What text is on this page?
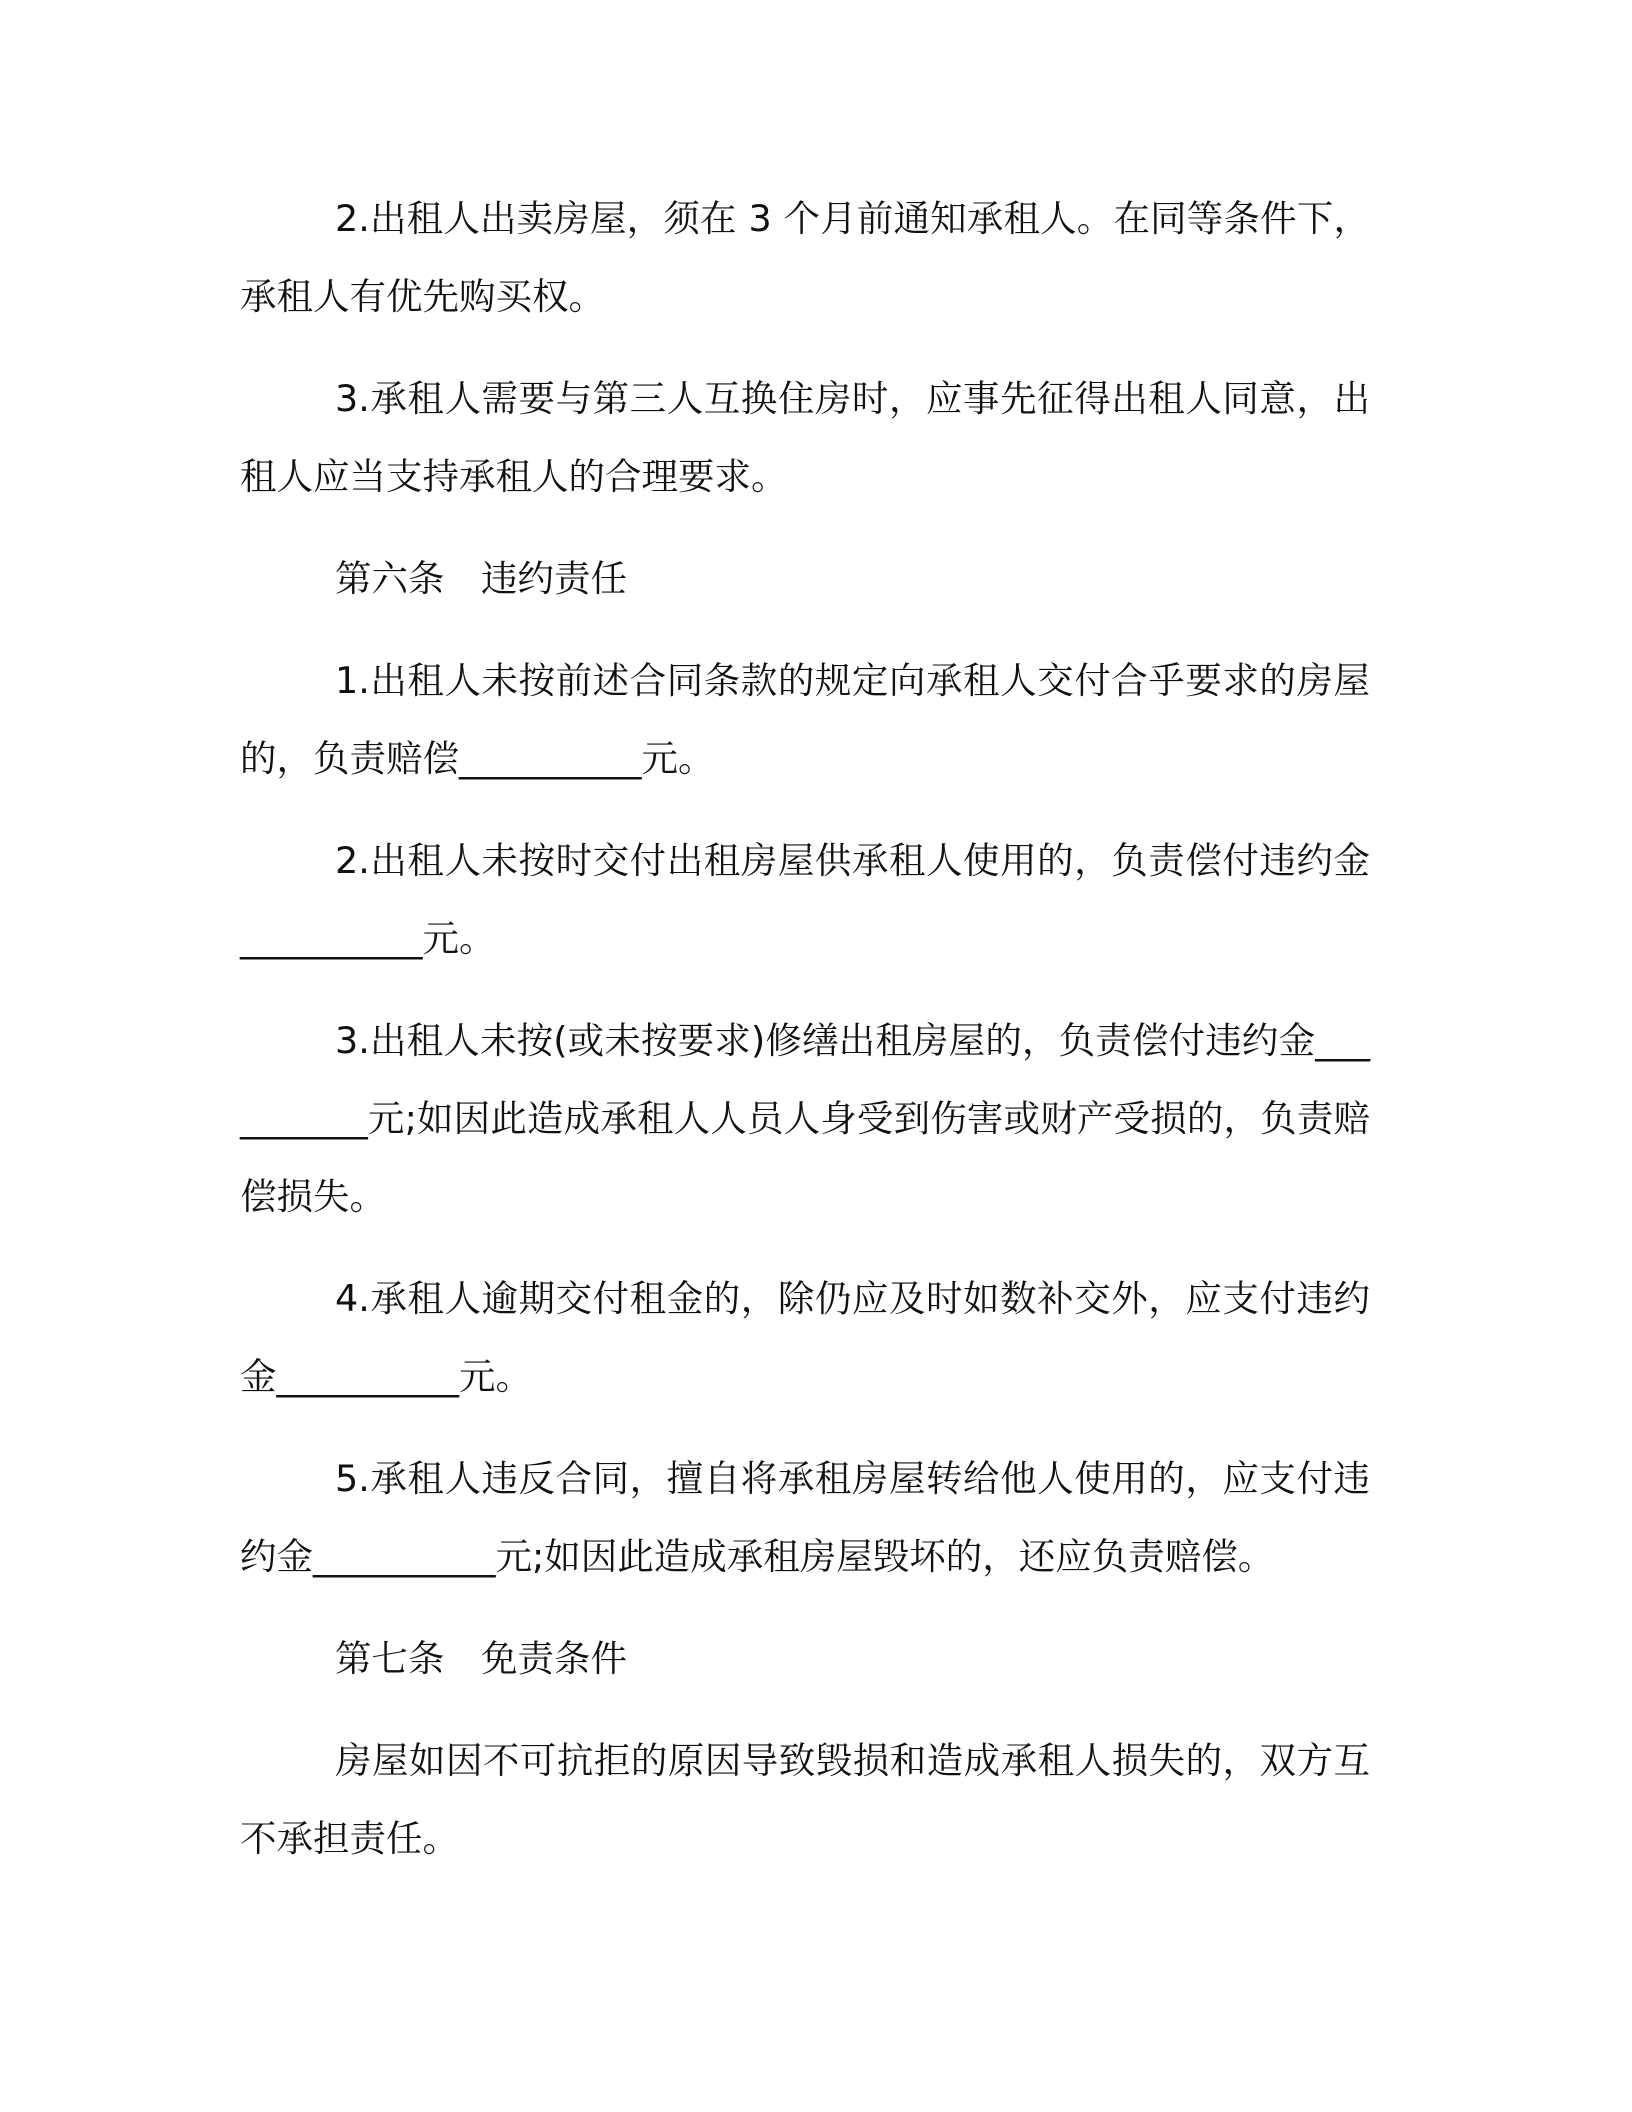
2.出租人出卖房屋，须在 3 个月前通知承租人。在同等条件下，承租人有优先购买权。

3.承租人需要与第三人互换住房时，应事先征得出租人同意，出租人应当支持承租人的合理要求。

第六条　违约责任

1.出租人未按前述合同条款的规定向承租人交付合乎要求的房屋的，负责赔偿__________元。

2.出租人未按时交付出租房屋供承租人使用的，负责偿付违约金__________元。

3.出租人未按(或未按要求)修缮出租房屋的，负责偿付违约金__________元;如因此造成承租人人员人身受到伤害或财产受损的，负责赔偿损失。

4.承租人逾期交付租金的，除仍应及时如数补交外，应支付违约金__________元。

5.承租人违反合同，擅自将承租房屋转给他人使用的，应支付违约金__________元;如因此造成承租房屋毁坏的，还应负责赔偿。

第七条　免责条件

房屋如因不可抗拒的原因导致毁损和造成承租人损失的，双方互不承担责任。
